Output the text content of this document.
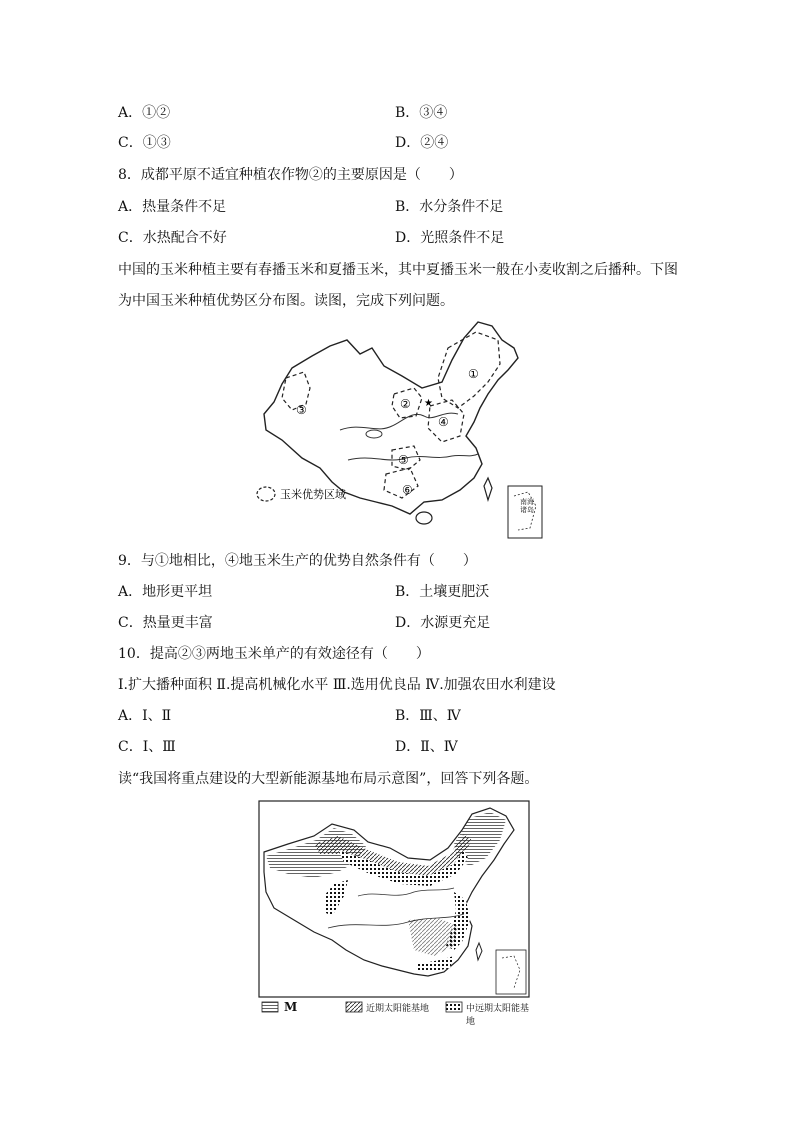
A．①②	B．③④
C．①③	D．②④
8．成都平原不适宜种植农作物②的主要原因是（　　）
A．热量条件不足	B．水分条件不足
C．水热配合不好	D．光照条件不足
中国的玉米种植主要有春播玉米和夏播玉米，其中夏播玉米一般在小麦收割之后播种。下图
为中国玉米种植优势区分布图。读图，完成下列问题。
★
①
②
③
④
⑤
⑥
玉米优势区域
南海诸岛
9．与①地相比，④地玉米生产的优势自然条件有（　　）
A．地形更平坦	B．土壤更肥沃
C．热量更丰富	D．水源更充足
10．提高②③两地玉米单产的有效途径有（　　）
Ⅰ.扩大播种面积 Ⅱ.提高机械化水平 Ⅲ.选用优良品 Ⅳ.加强农田水利建设
A．Ⅰ、Ⅱ	B．Ⅲ、Ⅳ
C．Ⅰ、Ⅲ	D．Ⅱ、Ⅳ
读“我国将重点建设的大型新能源基地布局示意图”，回答下列各题。
M	近期太阳能基地	中远期太阳能基地
